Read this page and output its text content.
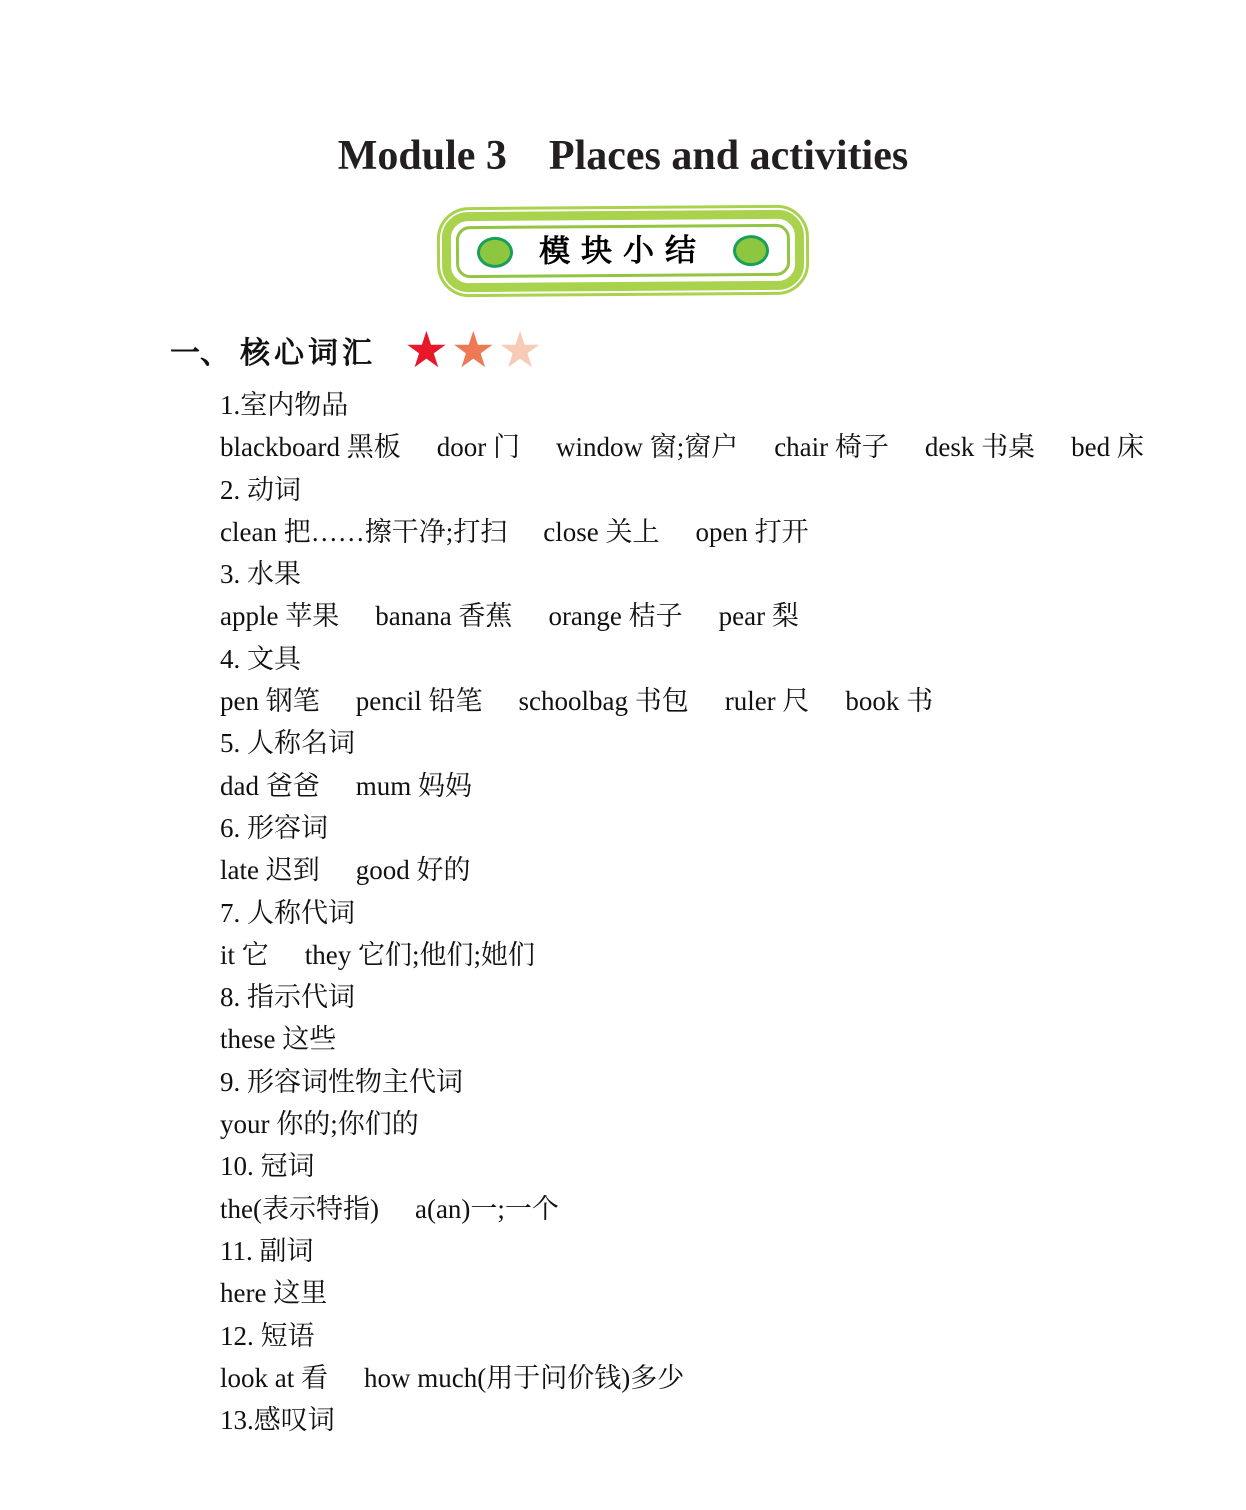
Module 3 Places and activities
模块小结
一、 核心词汇 ★ ★ ★
1.室内物品
blackboard 黑板 door 门 window 窗;窗户 chair 椅子 desk 书桌 bed 床
2. 动词
clean 把……擦干净;打扫 close 关上 open 打开
3. 水果
apple 苹果 banana 香蕉 orange 桔子 pear 梨
4. 文具
pen 钢笔 pencil 铅笔 schoolbag 书包 ruler 尺 book 书
5. 人称名词
dad 爸爸 mum 妈妈
6. 形容词
late 迟到 good 好的
7. 人称代词
it 它 they 它们;他们;她们
8. 指示代词
these 这些
9. 形容词性物主代词
your 你的;你们的
10. 冠词
the(表示特指) a(an)一;一个
11. 副词
here 这里
12. 短语
look at 看 how much(用于问价钱)多少
13.感叹词
